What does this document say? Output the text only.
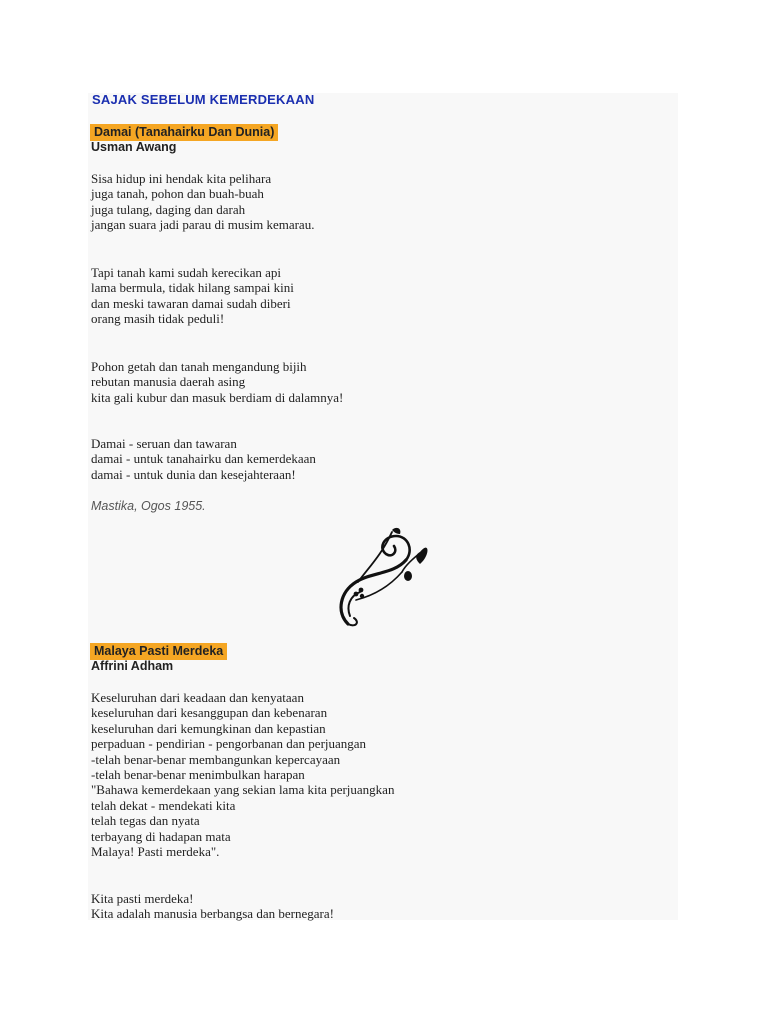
SAJAK SEBELUM KEMERDEKAAN
Damai (Tanahairku Dan Dunia)
Usman Awang
Sisa hidup ini hendak kita pelihara
juga tanah, pohon dan buah-buah
juga tulang, daging dan darah
jangan suara jadi parau di musim kemarau.
Tapi tanah kami sudah kerecikan api
lama bermula, tidak hilang sampai kini
dan meski tawaran damai sudah diberi
orang masih tidak peduli!
Pohon getah dan tanah mengandung bijih
rebutan manusia daerah asing
kita gali kubur dan masuk berdiam di dalamnya!
Damai - seruan dan tawaran
damai - untuk tanahairku dan kemerdekaan
damai - untuk dunia dan kesejahteraan!
Mastika, Ogos 1955.
Malaya Pasti Merdeka
Affrini Adham
Keseluruhan dari keadaan dan kenyataan
keseluruhan dari kesanggupan dan kebenaran
keseluruhan dari kemungkinan dan kepastian
perpaduan - pendirian - pengorbanan dan perjuangan
-telah benar-benar membangunkan kepercayaan
-telah benar-benar menimbulkan harapan
"Bahawa kemerdekaan yang sekian lama kita perjuangkan
telah dekat - mendekati kita
telah tegas dan nyata
terbayang di hadapan mata
Malaya! Pasti merdeka".
Kita pasti merdeka!
Kita adalah manusia berbangsa dan bernegara!
